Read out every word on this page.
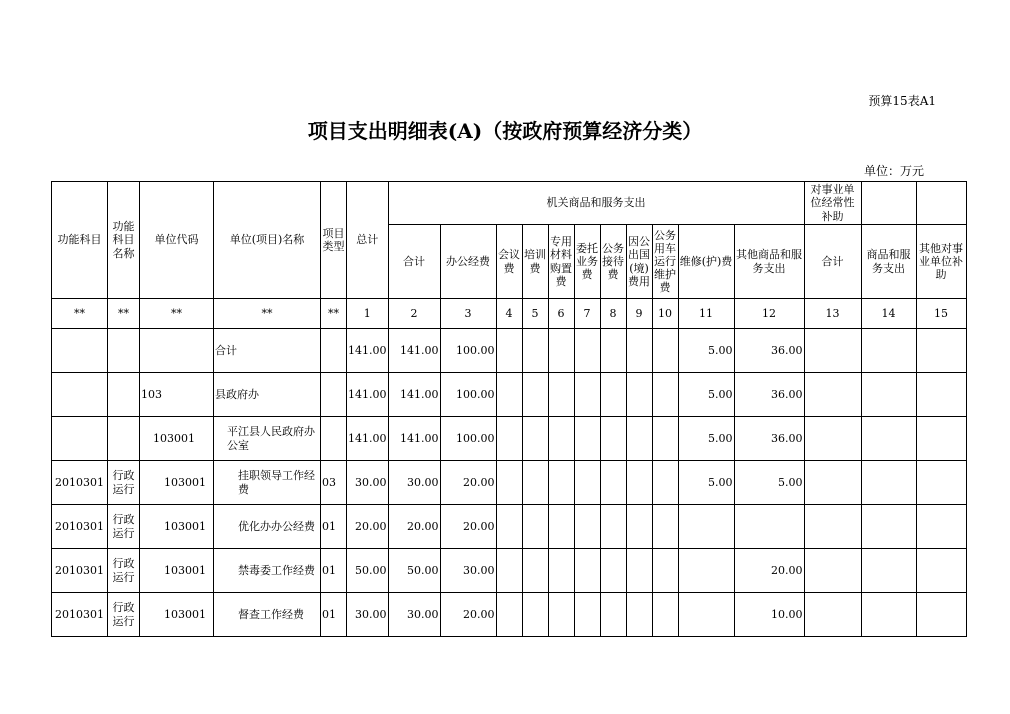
预算15表A1
项目支出明细表(A)（按政府预算经济分类）
单位：万元
功能科目	功能科目名称	单位代码	单位(项目)名称	项目类型	总计	机关商品和服务支出											对事业单位经常性补助		
						合计	办公经费	会议费	培训费	专用材料购置费	委托业务费	公务接待费	因公出国(境)费用	公务用车运行维护费	维修(护)费	其他商品和服务支出	合计	商品和服务支出	其他对事业单位补助
**	**	**	**	**	1	2	3	4	5	6	7	8	9	10	11	12	13	14	15
			合计		141.00	141.00	100.00								5.00	36.00			
		103	县政府办		141.00	141.00	100.00								5.00	36.00			
		103001	平江县人民政府办公室		141.00	141.00	100.00								5.00	36.00			
2010301	行政运行	103001	挂职领导工作经费	03	30.00	30.00	20.00								5.00	5.00			
2010301	行政运行	103001	优化办办公经费	01	20.00	20.00	20.00												
2010301	行政运行	103001	禁毒委工作经费	01	50.00	50.00	30.00									20.00			
2010301	行政运行	103001	督查工作经费	01	30.00	30.00	20.00									10.00			
